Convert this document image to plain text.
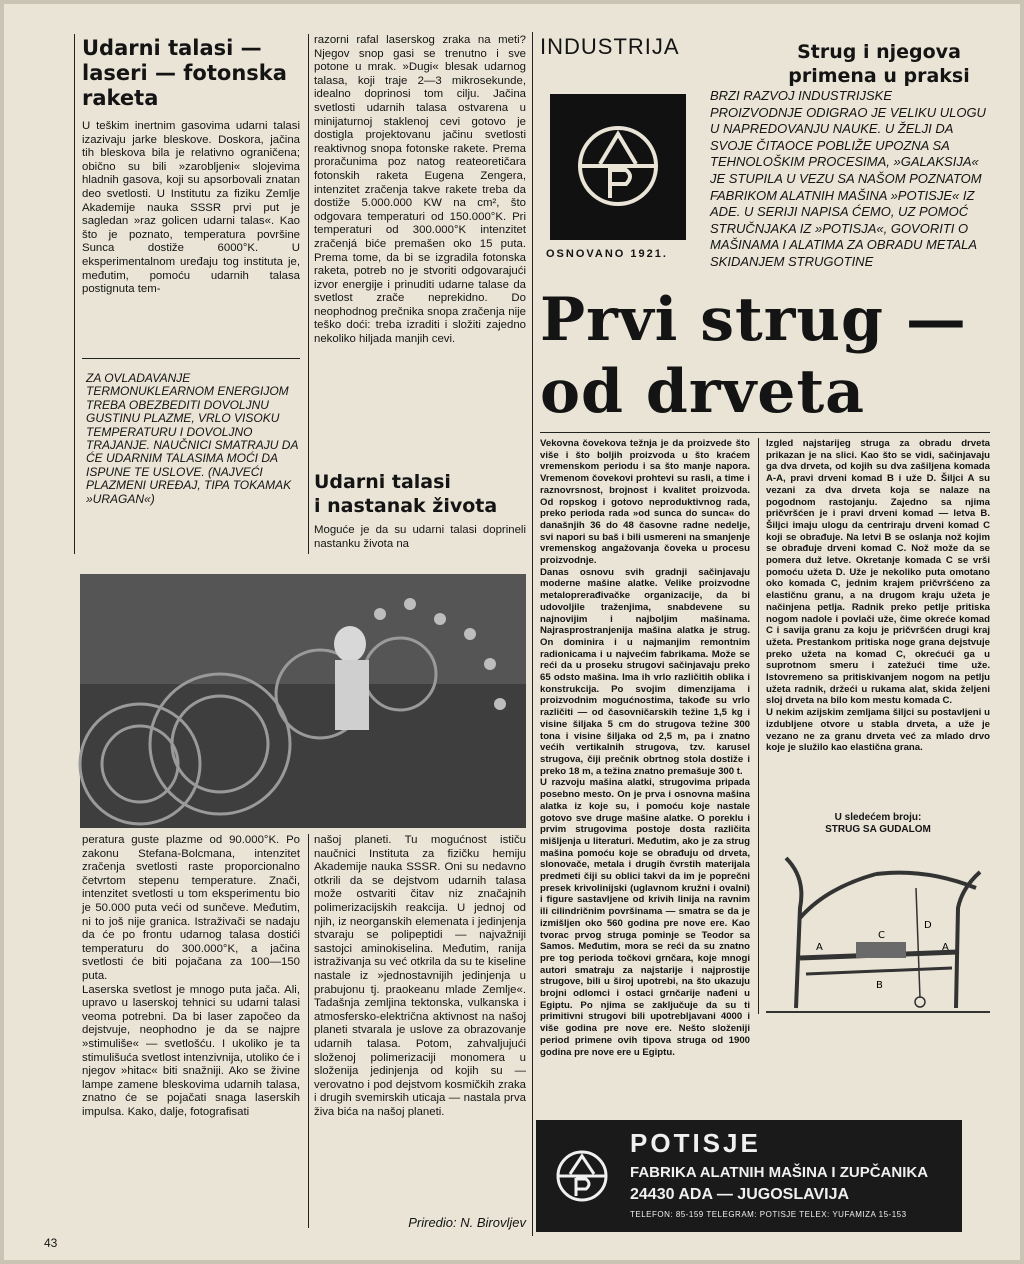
Udarni talasi —
laseri — fotonska
raketa
U teškim inertnim gasovima udarni talasi izazivaju jarke bleskove. Doskora, jačina tih bleskova bila je relativno ograničena; obično su bili »zarobljeni« slojevima hladnih gasova, koji su apsorbovali znatan deo svetlosti. U Institutu za fiziku Zemlje Akademije nauka SSSR prvi put je sagledan »raz golicen udarni talas«. Kao što je poznato, temperatura površine Sunca dostiže 6000°K. U eksperimentalnom uređaju tog instituta je, međutim, pomoću udarnih talasa postignuta tem-
ZA OVLADAVANJE TERMONUKLEARNOM ENERGIJOM TREBA OBEZBEDITI DOVOLJNU GUSTINU PLAZME, VRLO VISOKU TEMPERATURU I DOVOLJNO TRAJANJE. NAUČNICI SMATRAJU DA ĆE UDARNIM TALASIMA MOĆI DA ISPUNE TE USLOVE. (NAJVEĆI PLAZMENI UREĐAJ, TIPA TOKAMAK »URAGAN«)
razorni rafal laserskog zraka na meti? Njegov snop gasi se trenutno i sve potone u mrak. »Dugi« blesak udarnog talasa, koji traje 2—3 mikrosekunde, idealno doprinosi tom cilju. Jačina svetlosti udarnih talasa ostvarena u minijaturnoj staklenoj cevi gotovo je dostigla projektovanu jačinu svetlosti reaktivnog snopa fotonske rakete. Prema proračunima poz natog reateoretičara fotonskih raketa Eugena Zengera, intenzitet zračenja takve rakete treba da dostiže 5.000.000 KW na cm², što odgovara temperaturi od 150.000°K. Pri temperaturi od 300.000°K intenzitet zračenjá biće premašen oko 15 puta. Prema tome, da bi se izgradila fotonska raketa, potreb no je stvoriti odgovarajući izvor energije i prinuditi udarne talase da svetlost zrače neprekidno. Do neophodnog prečnika snopa zračenja nije teško doći: treba izraditi i složiti zajedno nekoliko hiljada manjih cevi.
Udarni talasi
i nastanak života
Moguće je da su udarni talasi doprineli nastanku života na
peratura guste plazme od 90.000°K. Po zakonu Stefana-Bolcmana, intenzitet zračenja svetlosti raste proporcionalno četvrtom stepenu temperature. Znači, intenzitet svetlosti u tom eksperimentu bio je 50.000 puta veći od sunčeve. Međutim, ni to još nije granica. Istraživači se nadaju da će po frontu udarnog talasa dostići temperaturu do 300.000°K, a jačina svetlosti će biti pojačana za 100—150 puta.
Laserska svetlost je mnogo puta jača. Ali, upravo u laserskoj tehnici su udarni talasi veoma potrebni. Da bi laser započeo da dejstvuje, neophodno je da se najpre »stimuliše« — svetlošću. I ukoliko je ta stimulišuća svetlost intenzivnija, utoliko će i njegov »hitac« biti snažniji. Ako se živine lampe zamene bleskovima udarnih talasa, znatno će se pojačati snaga laserskih impulsa. Kako, dalje, fotografisati
našoj planeti. Tu mogućnost ističu naučnici Instituta za fizičku hemiju Akademije nauka SSSR. Oni su nedavno otkrili da se dejstvom udarnih talasa može ostvariti čitav niz značajnih polimerizacijskih reakcija. U jednoj od njih, iz neorganskih elemenata i jedinjenja stvaraju se polipeptidi — najvažniji sastojci aminokiselina. Međutim, ranija istraživanja su već otkrila da su te kiseline nastale iz »jednostavnijih jedinjenja u prabujonu tj. praokeanu mlade Zemlje«. Tadašnja zemljina tektonska, vulkanska i atmosfersko-električna aktivnost na našoj planeti stvarala je uslove za obrazovanje udarnih talasa. Potom, zahvaljujući složenoj polimerizaciji monomera u složenija jedinjenja od kojih su — verovatno i pod dejstvom kosmičkih zraka i drugih svemirskih uticaja — nastala prva živa bića na našoj planeti.
Priredio: N. Birovljev
INDUSTRIJA
OSNOVANO 1921.
Strug i njegova
primena u praksi
BRZI RAZVOJ INDUSTRIJSKE PROIZVODNJE ODIGRAO JE VELIKU ULOGU U NAPREDOVANJU NAUKE. U ŽELJI DA SVOJE ČITAOCE POBLIŽE UPOZNA SA TEHNOLOŠKIM PROCESIMA, »GALAKSIJA« JE STUPILA U VEZU SA NAŠOM POZNATOM FABRIKOM ALATNIH MAŠINA »POTISJE« IZ ADE. U SERIJI NAPISA ĆEMO, UZ POMOĆ STRUČNJAKA IZ »POTISJA«, GOVORITI O MAŠINAMA I ALATIMA ZA OBRADU METALA SKIDANJEM STRUGOTINE
Prvi strug —
od drveta
Vekovna čovekova težnja je da proizvede što više i što boljih proizvoda u što kraćem vremenskom periodu i sa što manje napora. Vremenom čovekovi prohtevi su rasli, a time i raznovrsnost, brojnost i kvalitet proizvoda. Od ropskog i gotovo neproduktivnog rada, preko perioda rada »od sunca do sunca« do današnjih 36 do 48 časovne radne nedelje, svi napori su baš i bili usmereni na smanjenje vremenskog angažovanja čoveka u procesu proizvodnje.
Danas osnovu svih gradnji sačinjavaju moderne mašine alatke. Velike proizvodne metaloprerađivačke organizacije, da bi udovoljile traženjima, snabdevene su najnovijim i najboljim mašinama. Najrasprostranjenija mašina alatka je strug. On dominira i u najmanjim remontnim radionicama i u najvećim fabrikama. Može se reći da u proseku strugovi sačinjavaju preko 65 odsto mašina. Ima ih vrlo različitih oblika i konstrukcija. Po svojim dimenzijama i proizvodnim mogućnostima, takođe su vrlo različiti — od časovničarskih težine 1,5 kg i visine šiljaka 5 cm do strugova težine 300 tona i visine šiljaka od 2,5 m, pa i znatno većih vertikalnih strugova, tzv. karusel strugova, čiji prečnik obrtnog stola dostiže i preko 18 m, a težina znatno premašuje 300 t.
U razvoju mašina alatki, strugovima pripada posebno mesto. On je prva i osnovna mašina alatka iz koje su, i pomoću koje nastale gotovo sve druge mašine alatke. O poreklu i prvim strugovima postoje dosta različita mišljenja u literaturi. Međutim, ako je za strug mašina pomoću koje se obrađuju od drveta, slonovače, metala i drugih čvrstih materijala predmeti čiji su oblici takvi da im je poprečni presek krivolinijski (uglavnom kružni i ovalni) i figure sastavljene od krivih linija na ravnim ili cilindričnim površinama — smatra se da je izmišljen oko 560 godina pre nove ere. Kao tvorac prvog struga pominje se Teodor sa Samos. Međutim, mora se reći da su znatno pre tog perioda točkovi grnčara, koje mnogi autori smatraju za najstarije i najprostije strugove, bili u široj upotrebi, na što ukazuju brojni odlomci i ostaci grnčarije nađeni u Egiptu. Po njima se zaključuje da su ti primitivni strugovi bili upotrebljavani 4000 i više godina pre nove ere. Nešto složeniji period primene ovih tipova struga od 1900 godina pre nove ere u Egiptu.
Izgled najstarijeg struga za obradu drveta prikazan je na slici. Kao što se vidi, sačinjavaju ga dva drveta, od kojih su dva zašiljena komada A-A, pravi drveni komad B i uže D. Šiljci A su vezani za dva drveta koja se nalaze na pogodnom rastojanju. Zajedno sa njima pričvršćen je i pravi drveni komad — letva B. Šiljci imaju ulogu da centriraju drveni komad C koji se obrađuje. Na letvi B se oslanja nož kojim se obrađuje drveni komad C. Nož može da se pomera duž letve. Okretanje komada C se vrši pomoću užeta D. Uže je nekoliko puta omotano oko komada C, jednim krajem pričvršćeno za elastičnu granu, a na drugom kraju užeta je načinjena petlja. Radnik preko petlje pritiska nogom nadole i povlači uže, čime okreće komad C i savija granu za koju je pričvršćen drugi kraj užeta. Prestankom pritiska noge grana dejstvuje preko užeta na komad C, okrećući ga u suprotnom smeru i zatežući time uže. Istovremeno sa pritiskivanjem nogom na petlju užeta radnik, držeći u rukama alat, skida željeni sloj drveta na bilo kom mestu komada C.
U nekim azijskim zemljama šiljci su postavljeni u izdubljene otvore u stabla drveta, a uže je vezano ne za granu drveta već za mlado drvo koje je služilo kao elastična grana.
U sledećem broju:
STRUG SA GUDALOM
A
B
C
D
A
POTISJE
FABRIKA ALATNIH MAŠINA I ZUPČANIKA
24430 ADA — JUGOSLAVIJA
TELEFON: 85-159 TELEGRAM: POTISJE TELEX: YUFAMIZA 15-153
43
